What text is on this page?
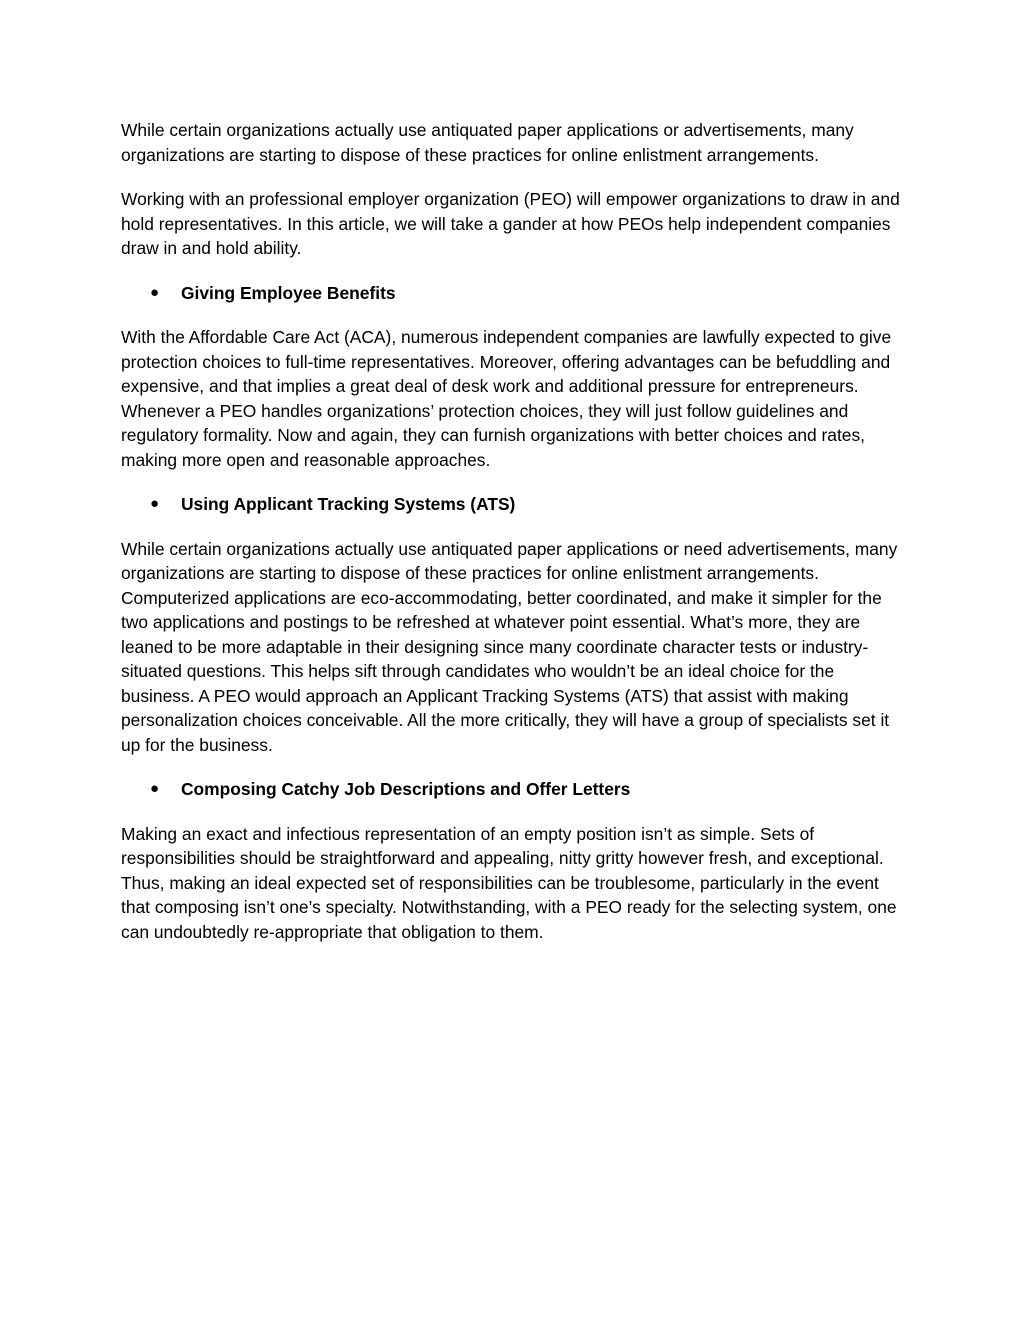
While certain organizations actually use antiquated paper applications or advertisements, many organizations are starting to dispose of these practices for online enlistment arrangements.

Working with an professional employer organization (PEO) will empower organizations to draw in and hold representatives. In this article, we will take a gander at how PEOs help independent companies draw in and hold ability.

● Giving Employee Benefits

With the Affordable Care Act (ACA), numerous independent companies are lawfully expected to give protection choices to full-time representatives. Moreover, offering advantages can be befuddling and expensive, and that implies a great deal of desk work and additional pressure for entrepreneurs. Whenever a PEO handles organizations’ protection choices, they will just follow guidelines and regulatory formality. Now and again, they can furnish organizations with better choices and rates, making more open and reasonable approaches.

● Using Applicant Tracking Systems (ATS)

While certain organizations actually use antiquated paper applications or need advertisements, many organizations are starting to dispose of these practices for online enlistment arrangements. Computerized applications are eco-accommodating, better coordinated, and make it simpler for the two applications and postings to be refreshed at whatever point essential. What’s more, they are leaned to be more adaptable in their designing since many coordinate character tests or industry-situated questions. This helps sift through candidates who wouldn’t be an ideal choice for the business. A PEO would approach an Applicant Tracking Systems (ATS) that assist with making personalization choices conceivable. All the more critically, they will have a group of specialists set it up for the business.

● Composing Catchy Job Descriptions and Offer Letters

Making an exact and infectious representation of an empty position isn’t as simple. Sets of responsibilities should be straightforward and appealing, nitty gritty however fresh, and exceptional. Thus, making an ideal expected set of responsibilities can be troublesome, particularly in the event that composing isn’t one’s specialty. Notwithstanding, with a PEO ready for the selecting system, one can undoubtedly re-appropriate that obligation to them.
